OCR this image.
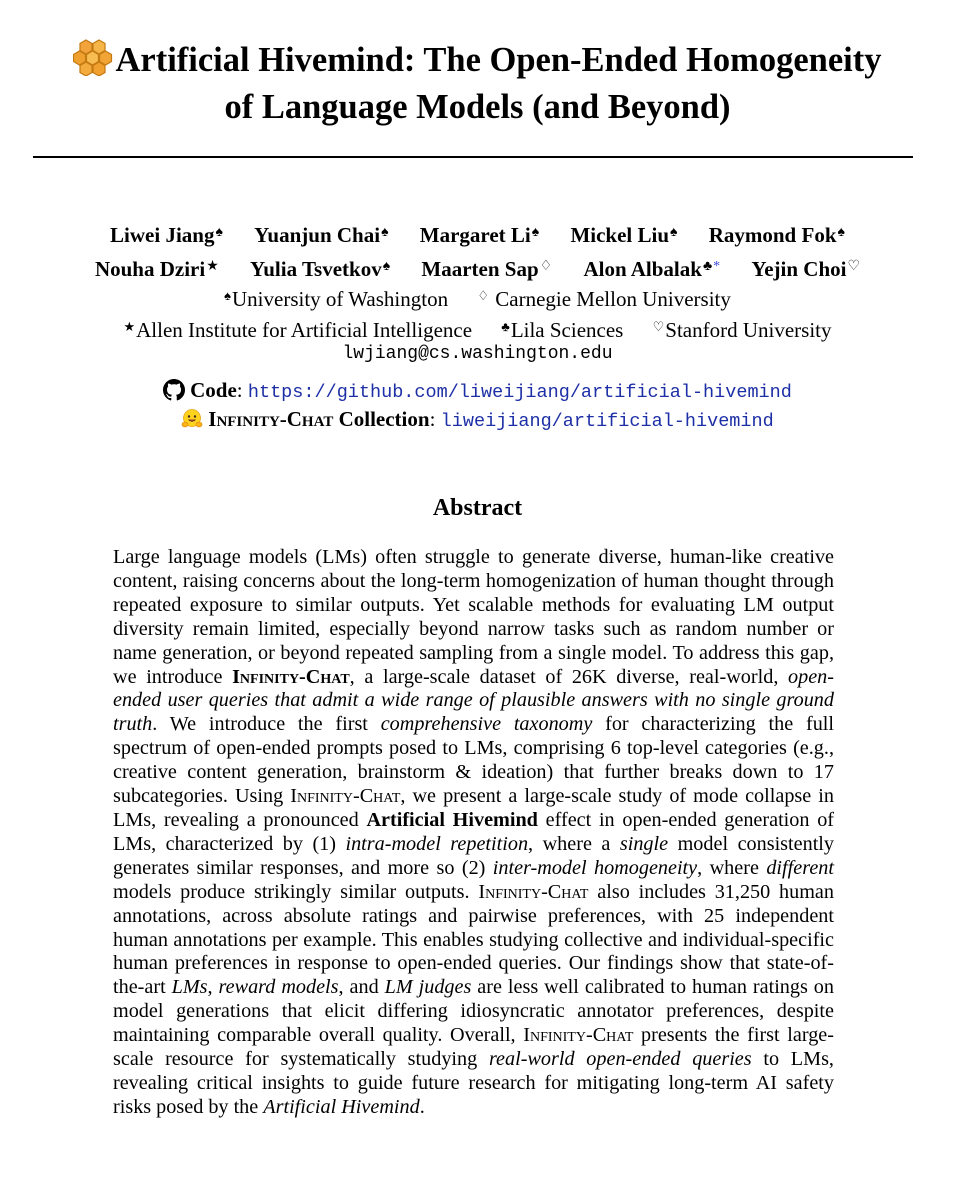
Artificial Hivemind: The Open-Ended Homogeneity
of Language Models (and Beyond)
Liwei Jiang♠ Yuanjun Chai♠ Margaret Li♠ Mickel Liu♠ Raymond Fok♠
Nouha Dziri★ Yulia Tsvetkov♠ Maarten Sap♢ Alon Albalak♣* Yejin Choi♡
♠University of Washington ♢ Carnegie Mellon University
★Allen Institute for Artificial Intelligence ♣Lila Sciences ♡Stanford University
lwjiang@cs.washington.edu
Code: https://github.com/liweijiang/artificial-hivemind
Infinity-Chat Collection: liweijiang/artificial-hivemind
Abstract

Large language models (LMs) often struggle to generate diverse, human-like creative content, raising concerns about the long-term homogenization of human thought through repeated exposure to similar outputs. Yet scalable methods for evaluating LM output diversity remain limited, especially beyond narrow tasks such as random number or name generation, or beyond repeated sampling from a single model. To address this gap, we introduce Infinity-Chat, a large-scale dataset of 26K diverse, real-world, open-ended user queries that admit a wide range of plausible answers with no single ground truth. We introduce the first comprehensive taxonomy for characterizing the full spectrum of open-ended prompts posed to LMs, comprising 6 top-level categories (e.g., creative content generation, brainstorm & ideation) that further breaks down to 17 subcategories. Using Infinity-Chat, we present a large-scale study of mode collapse in LMs, revealing a pronounced Artificial Hivemind effect in open-ended generation of LMs, characterized by (1) intra-model repetition, where a single model consistently generates similar responses, and more so (2) inter-model homogeneity, where different models produce strikingly similar outputs. Infinity-Chat also includes 31,250 human annotations, across absolute ratings and pairwise preferences, with 25 independent human annotations per example. This enables studying collective and individual-specific human preferences in response to open-ended queries. Our findings show that state-of-the-art LMs, reward models, and LM judges are less well calibrated to human ratings on model generations that elicit differing idiosyncratic annotator preferences, despite maintaining comparable overall quality. Overall, Infinity-Chat presents the first large-scale resource for systematically studying real-world open-ended queries to LMs, revealing critical insights to guide future research for mitigating long-term AI safety risks posed by the Artificial Hivemind.
